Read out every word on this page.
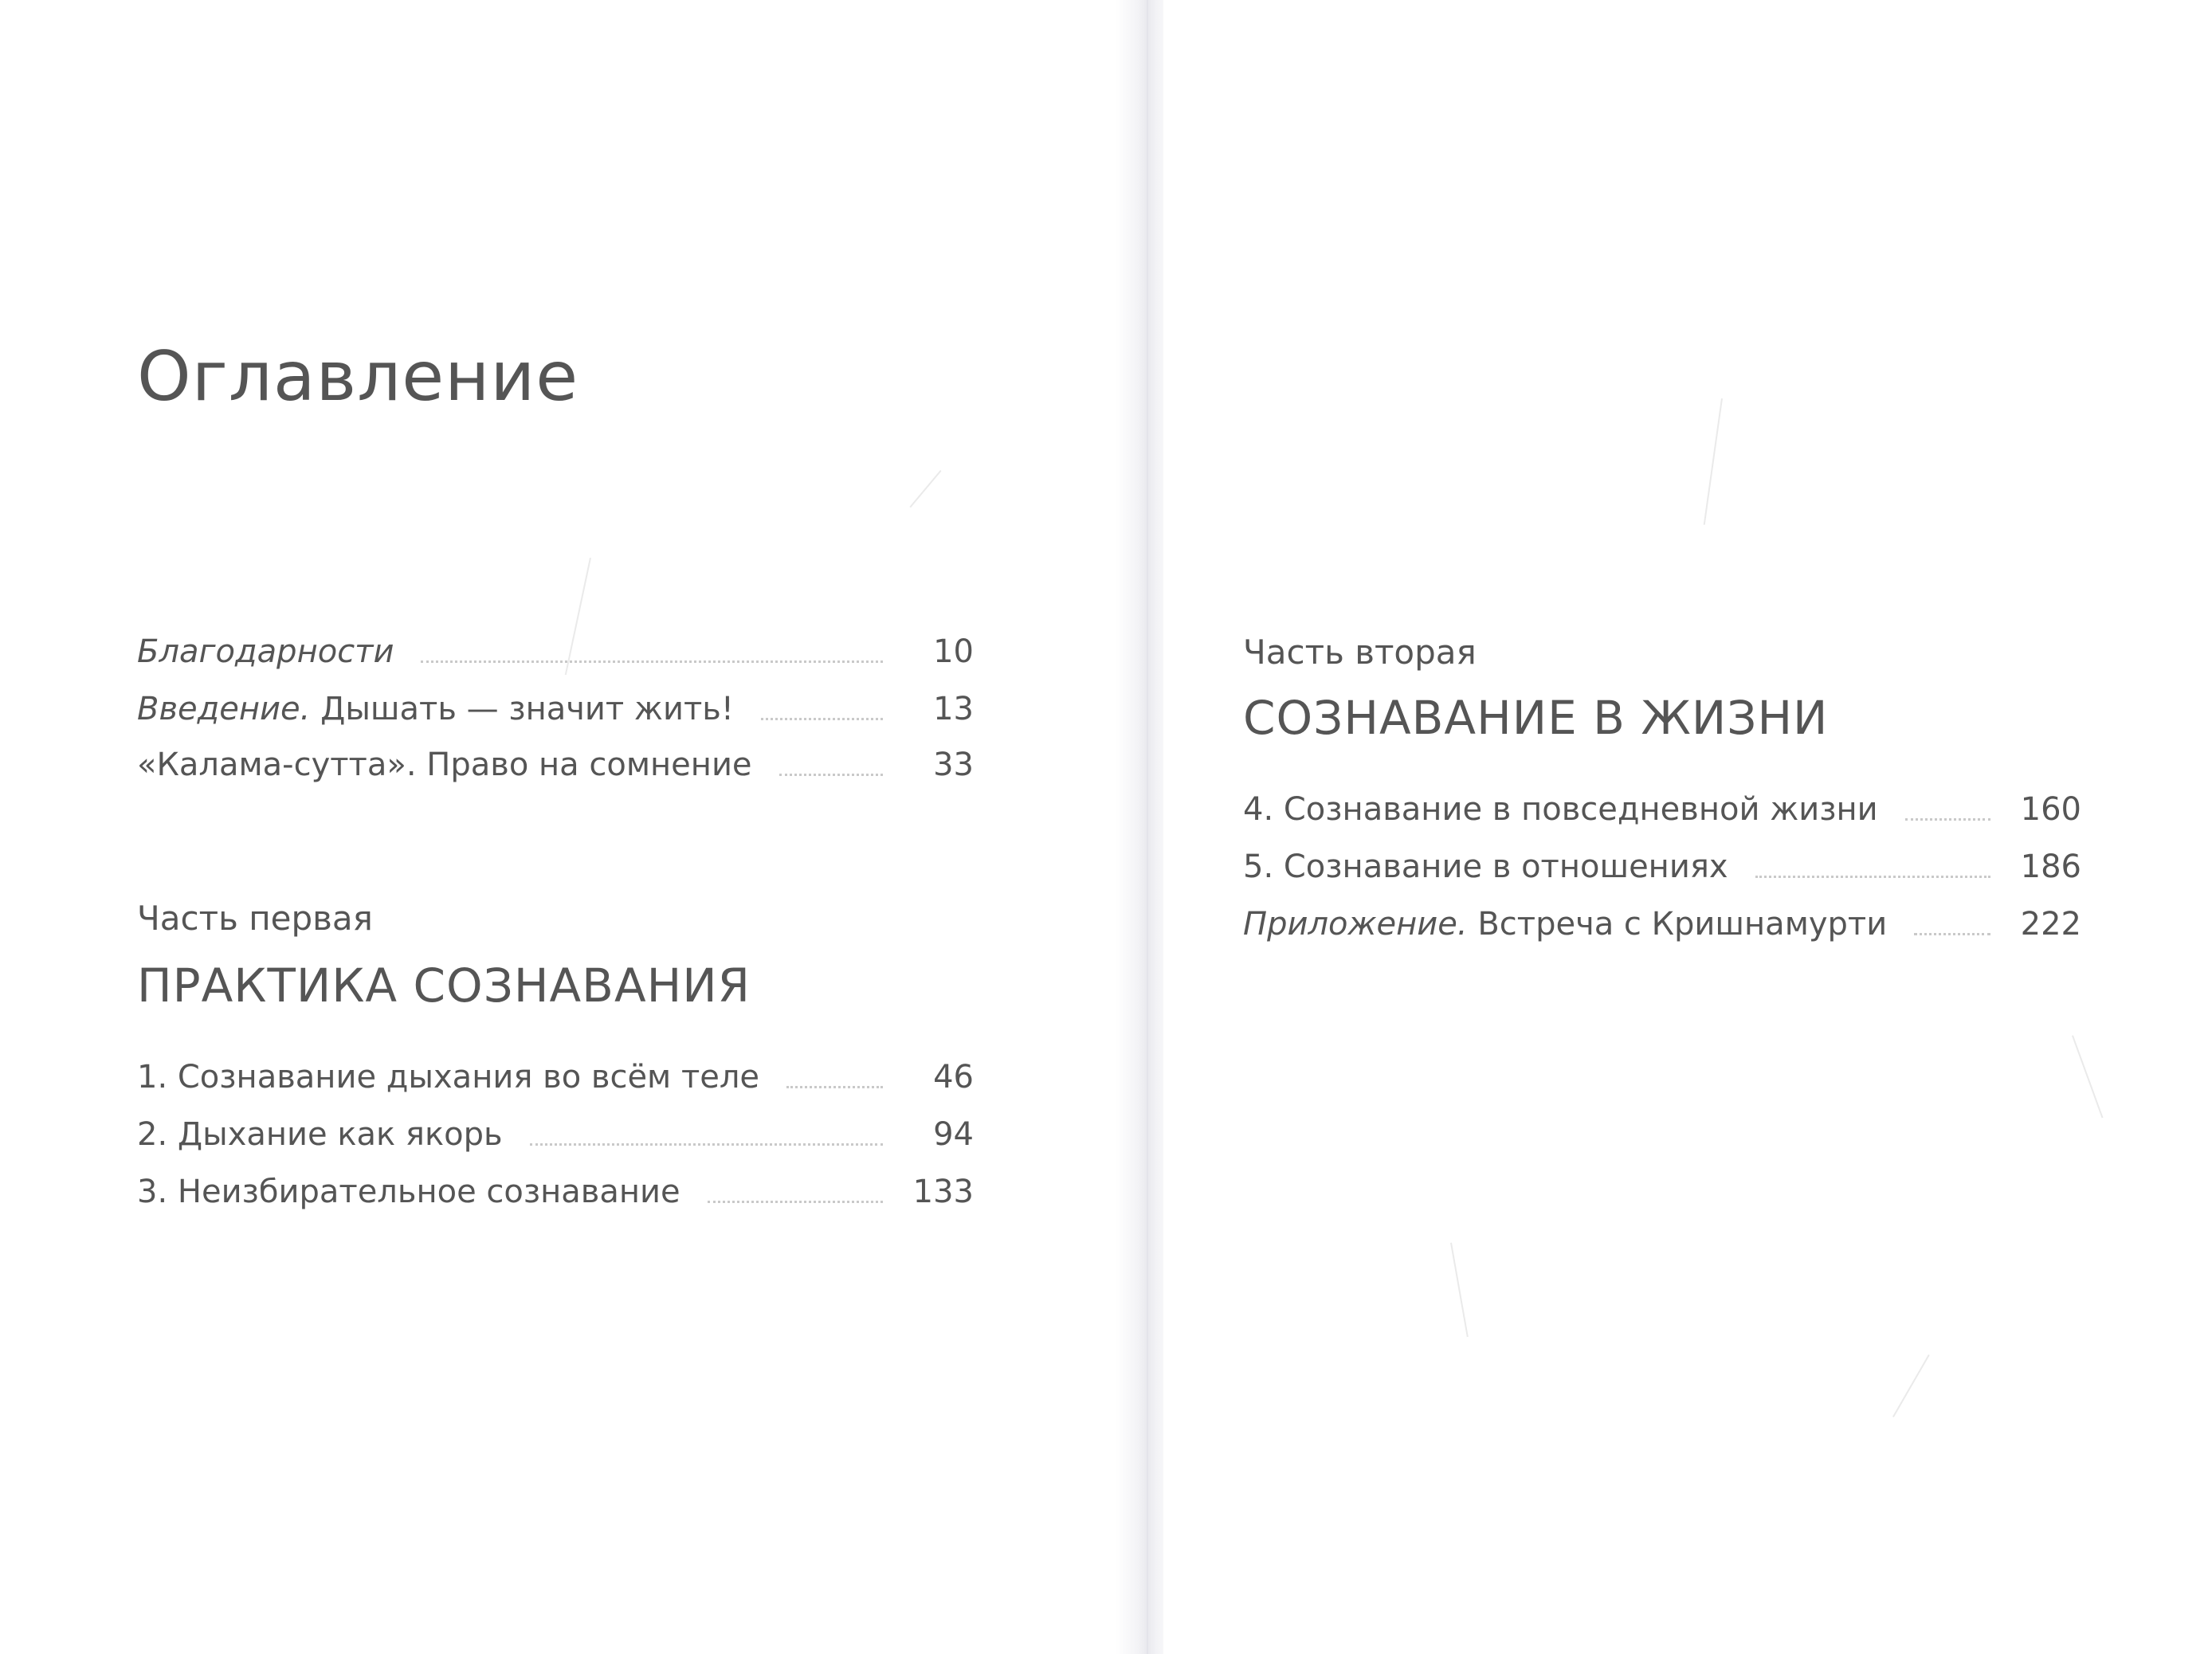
Оглавление
Благодарности	10
Введение. Дышать — значит жить!	13
«Калама-сутта». Право на сомнение	33
Часть первая
ПРАКТИКА СОЗНАВАНИЯ
1. Сознавание дыхания во всём теле	46
2. Дыхание как якорь	94
3. Неизбирательное сознавание	133
Часть вторая
СОЗНАВАНИЕ В ЖИЗНИ
4. Сознавание в повседневной жизни	160
5. Сознавание в отношениях	186
Приложение. Встреча с Кришнамурти	222
